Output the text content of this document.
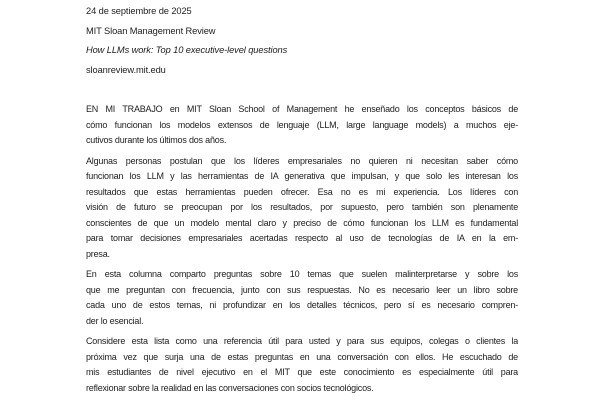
24 de septiembre de 2025
MIT Sloan Management Review
How LLMs work: Top 10 executive-level questions
sloanreview.mit.edu
EN MI TRABAJO en MIT Sloan School of Management he enseñado los conceptos básicos de
cómo funcionan los modelos extensos de lenguaje (LLM, large language models) a muchos eje-
cutivos durante los últimos dos años.
Algunas personas postulan que los líderes empresariales no quieren ni necesitan saber cómo
funcionan los LLM y las herramientas de IA generativa que impulsan, y que solo les interesan los
resultados que estas herramientas pueden ofrecer. Esa no es mi experiencia. Los líderes con
visión de futuro se preocupan por los resultados, por supuesto, pero también son plenamente
conscientes de que un modelo mental claro y preciso de cómo funcionan los LLM es fundamental
para tomar decisiones empresariales acertadas respecto al uso de tecnologías de IA en la em-
presa.
En esta columna comparto preguntas sobre 10 temas que suelen malinterpretarse y sobre los
que me preguntan con frecuencia, junto con sus respuestas. No es necesario leer un libro sobre
cada uno de estos temas, ni profundizar en los detalles técnicos, pero sí es necesario compren-
der lo esencial.
Considere esta lista como una referencia útil para usted y para sus equipos, colegas o clientes la
próxima vez que surja una de estas preguntas en una conversación con ellos. He escuchado de
mis estudiantes de nivel ejecutivo en el MIT que este conocimiento es especialmente útil para
reflexionar sobre la realidad en las conversaciones con socios tecnológicos.
